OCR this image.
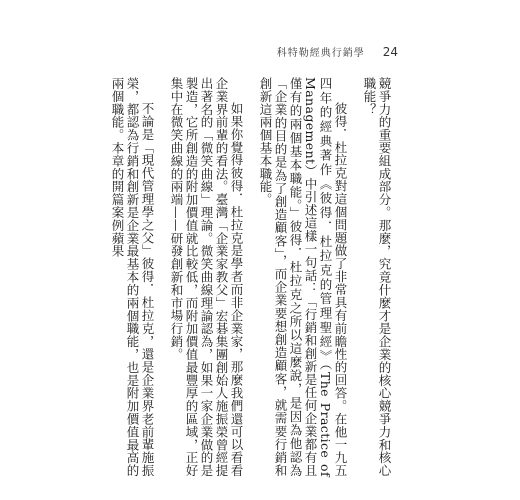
科特勒經典行銷學 24

競爭力的重要組成部分。那麼，究竟什麼才是企業的核心競爭力和核心職能？

彼得．杜拉克對這個問題做了非常具有前瞻性的回答。在他一九五四年的經典著作《彼得．杜拉克的管理聖經》（The Practice of Management）中引述這樣一句話：「行銷和創新是任何企業都有且僅有的兩個基本職能。」彼得．杜拉克之所以這麼說，是因為他認為「企業的目的是為了創造顧客」，而企業要想創造顧客，就需要行銷和創新這兩個基本職能。

如果你覺得彼得．杜拉克是學者而非企業家，那麼我們還可以看看企業界前輩的看法。臺灣「企業家教父」宏碁集團創始人施振榮曾經提出著名的「微笑曲線」理論。微笑曲線理論認為，如果一家企業做的是製造，它所創造的附加價值就比較低，而附加價值最豐厚的區域，正好集中在微笑曲線的兩端——研發創新和市場行銷。

不論是「現代管理學之父」彼得．杜拉克，還是企業界老前輩施振榮，都認為行銷和創新是企業最基本的兩個職能，也是附加價值最高的兩個職能。本章的開篇案例蘋果
